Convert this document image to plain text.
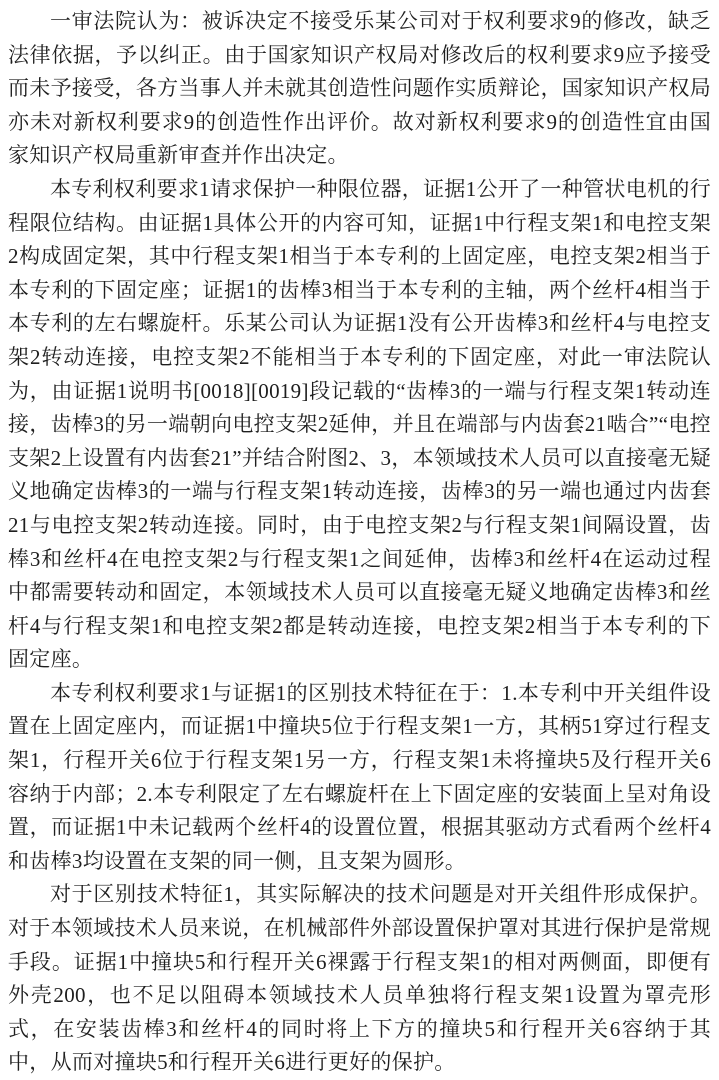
一审法院认为：被诉决定不接受乐某公司对于权利要求9的修改，缺乏法律依据，予以纠正。由于国家知识产权局对修改后的权利要求9应予接受而未予接受，各方当事人并未就其创造性问题作实质辩论，国家知识产权局亦未对新权利要求9的创造性作出评价。故对新权利要求9的创造性宜由国家知识产权局重新审查并作出决定。

本专利权利要求1请求保护一种限位器，证据1公开了一种管状电机的行程限位结构。由证据1具体公开的内容可知，证据1中行程支架1和电控支架2构成固定架，其中行程支架1相当于本专利的上固定座，电控支架2相当于本专利的下固定座；证据1的齿棒3相当于本专利的主轴，两个丝杆4相当于本专利的左右螺旋杆。乐某公司认为证据1没有公开齿棒3和丝杆4与电控支架2转动连接，电控支架2不能相当于本专利的下固定座，对此一审法院认为，由证据1说明书[0018][0019]段记载的“齿棒3的一端与行程支架1转动连接，齿棒3的另一端朝向电控支架2延伸，并且在端部与内齿套21啮合”“电控支架2上设置有内齿套21”并结合附图2、3，本领域技术人员可以直接毫无疑义地确定齿棒3的一端与行程支架1转动连接，齿棒3的另一端也通过内齿套21与电控支架2转动连接。同时，由于电控支架2与行程支架1间隔设置，齿棒3和丝杆4在电控支架2与行程支架1之间延伸，齿棒3和丝杆4在运动过程中都需要转动和固定，本领域技术人员可以直接毫无疑义地确定齿棒3和丝杆4与行程支架1和电控支架2都是转动连接，电控支架2相当于本专利的下固定座。

本专利权利要求1与证据1的区别技术特征在于：1.本专利中开关组件设置在上固定座内，而证据1中撞块5位于行程支架1一方，其柄51穿过行程支架1，行程开关6位于行程支架1另一方，行程支架1未将撞块5及行程开关6容纳于内部；2.本专利限定了左右螺旋杆在上下固定座的安装面上呈对角设置，而证据1中未记载两个丝杆4的设置位置，根据其驱动方式看两个丝杆4和齿棒3均设置在支架的同一侧，且支架为圆形。

对于区别技术特征1，其实际解决的技术问题是对开关组件形成保护。对于本领域技术人员来说，在机械部件外部设置保护罩对其进行保护是常规手段。证据1中撞块5和行程开关6裸露于行程支架1的相对两侧面，即便有外壳200，也不足以阻碍本领域技术人员单独将行程支架1设置为罩壳形式，在安装齿棒3和丝杆4的同时将上下方的撞块5和行程开关6容纳于其中，从而对撞块5和行程开关6进行更好的保护。
